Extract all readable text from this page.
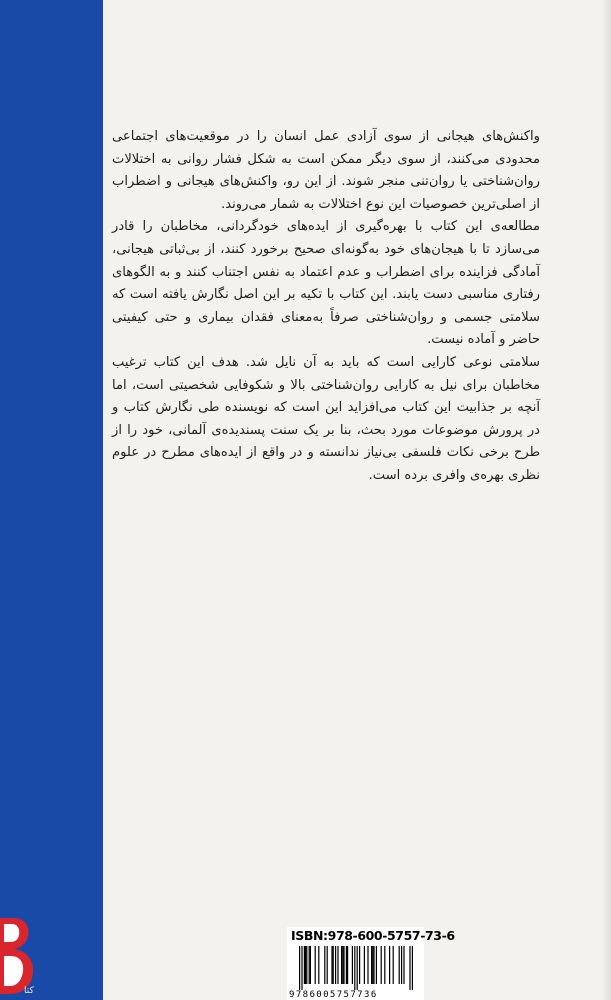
واکنش‌های هیجانی از سوی آزادی عمل انسان را در موقعیت‌های اجتماعی محدودی می‌کنند، از سوی دیگر ممکن است به شکل فشار روانی به اختلالات روان‌شناختی یا روان‌تنی منجر شوند. از این رو، واکنش‌های هیجانی و اضطراب از اصلی‌ترین خصوصیات این نوع اختلالات به شمار می‌روند.

مطالعه‌ی این کتاب با بهره‌گیری از ایده‌های خودگردانی، مخاطبان را قادر می‌سازد تا با هیجان‌های خود به‌گونه‌ای صحیح برخورد کنند، از بی‌ثباتی هیجانی، آمادگی فزاینده برای اضطراب و عدم اعتماد به نفس اجتناب کنند و به الگوهای رفتاری مناسبی دست یابند. این کتاب با تکیه بر این اصل نگارش یافته است که سلامتی جسمی و روان‌شناختی صرفاً به‌معنای فقدان بیماری و حتی کیفیتی حاضر و آماده نیست.

سلامتی نوعی کارایی است که باید به آن نایل شد. هدف این کتاب ترغیب مخاطبان برای نیل به کارایی روان‌شناختی بالا و شکوفایی شخصیتی است، اما آنچه بر جذابیت این کتاب می‌افزاید این است که نویسنده طی نگارش کتاب و در پرورش موضوعات مورد بحث، بنا بر یک سنت پسندیده‌ی آلمانی، خود را از طرح برخی نکات فلسفی بی‌نیاز ندانسته و در واقع از ایده‌های مطرح در علوم نظری بهره‌ی وافری برده است.

کتا
ISBN:978-600-5757-73-6
9786005757736
